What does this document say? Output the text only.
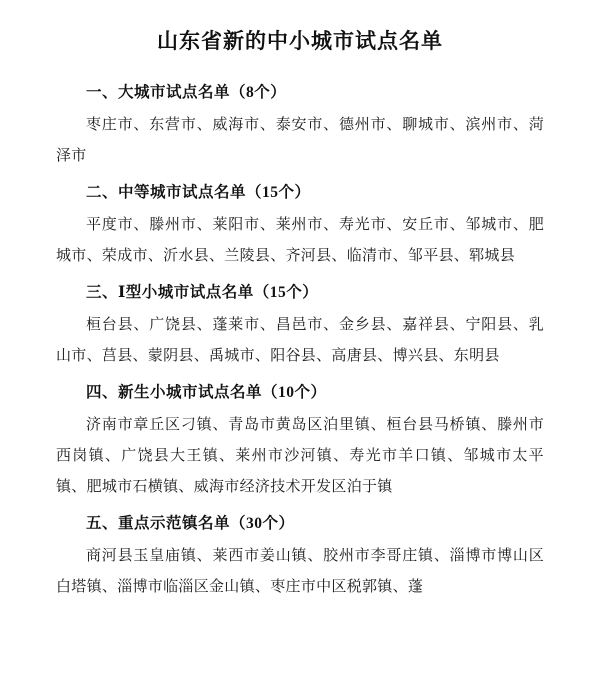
山东省新的中小城市试点名单
一、大城市试点名单（8个）
枣庄市、东营市、威海市、泰安市、德州市、聊城市、滨州市、菏泽市
二、中等城市试点名单（15个）
平度市、滕州市、莱阳市、莱州市、寿光市、安丘市、邹城市、肥城市、荣成市、沂水县、兰陵县、齐河县、临清市、邹平县、郓城县
三、Ⅰ型小城市试点名单（15个）
桓台县、广饶县、蓬莱市、昌邑市、金乡县、嘉祥县、宁阳县、乳山市、莒县、蒙阴县、禹城市、阳谷县、高唐县、博兴县、东明县
四、新生小城市试点名单（10个）
济南市章丘区刁镇、青岛市黄岛区泊里镇、桓台县马桥镇、滕州市西岗镇、广饶县大王镇、莱州市沙河镇、寿光市羊口镇、邹城市太平镇、肥城市石横镇、威海市经济技术开发区泊于镇
五、重点示范镇名单（30个）
商河县玉皇庙镇、莱西市姜山镇、胶州市李哥庄镇、淄博市博山区白塔镇、淄博市临淄区金山镇、枣庄市中区税郭镇、蓬
